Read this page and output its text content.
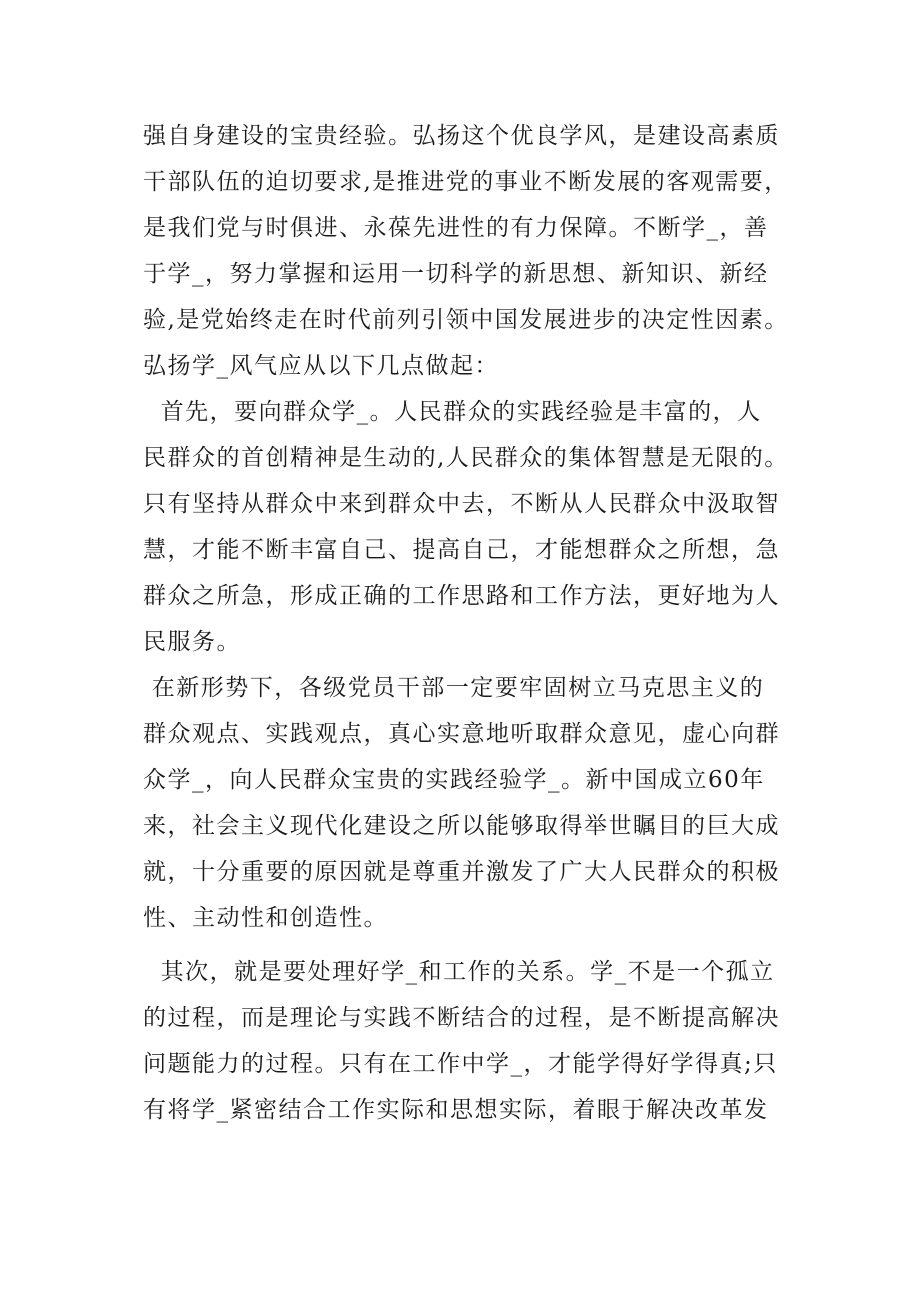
强自身建设的宝贵经验。弘扬这个优良学风，是建设高素质
干部队伍的迫切要求,是推进党的事业不断发展的客观需要，
是我们党与时俱进、永葆先进性的有力保障。不断学_，善
于学_，努力掌握和运用一切科学的新思想、新知识、新经
验,是党始终走在时代前列引领中国发展进步的决定性因素。
弘扬学_风气应从以下几点做起：
首先，要向群众学_。人民群众的实践经验是丰富的，人
民群众的首创精神是生动的,人民群众的集体智慧是无限的。
只有坚持从群众中来到群众中去，不断从人民群众中汲取智
慧，才能不断丰富自己、提高自己，才能想群众之所想，急
群众之所急，形成正确的工作思路和工作方法，更好地为人
民服务。
在新形势下，各级党员干部一定要牢固树立马克思主义的
群众观点、实践观点，真心实意地听取群众意见，虚心向群
众学_，向人民群众宝贵的实践经验学_。新中国成立60年
来，社会主义现代化建设之所以能够取得举世瞩目的巨大成
就，十分重要的原因就是尊重并激发了广大人民群众的积极
性、主动性和创造性。
其次，就是要处理好学_和工作的关系。学_不是一个孤立
的过程，而是理论与实践不断结合的过程，是不断提高解决
问题能力的过程。只有在工作中学_，才能学得好学得真;只
有将学_紧密结合工作实际和思想实际，着眼于解决改革发
